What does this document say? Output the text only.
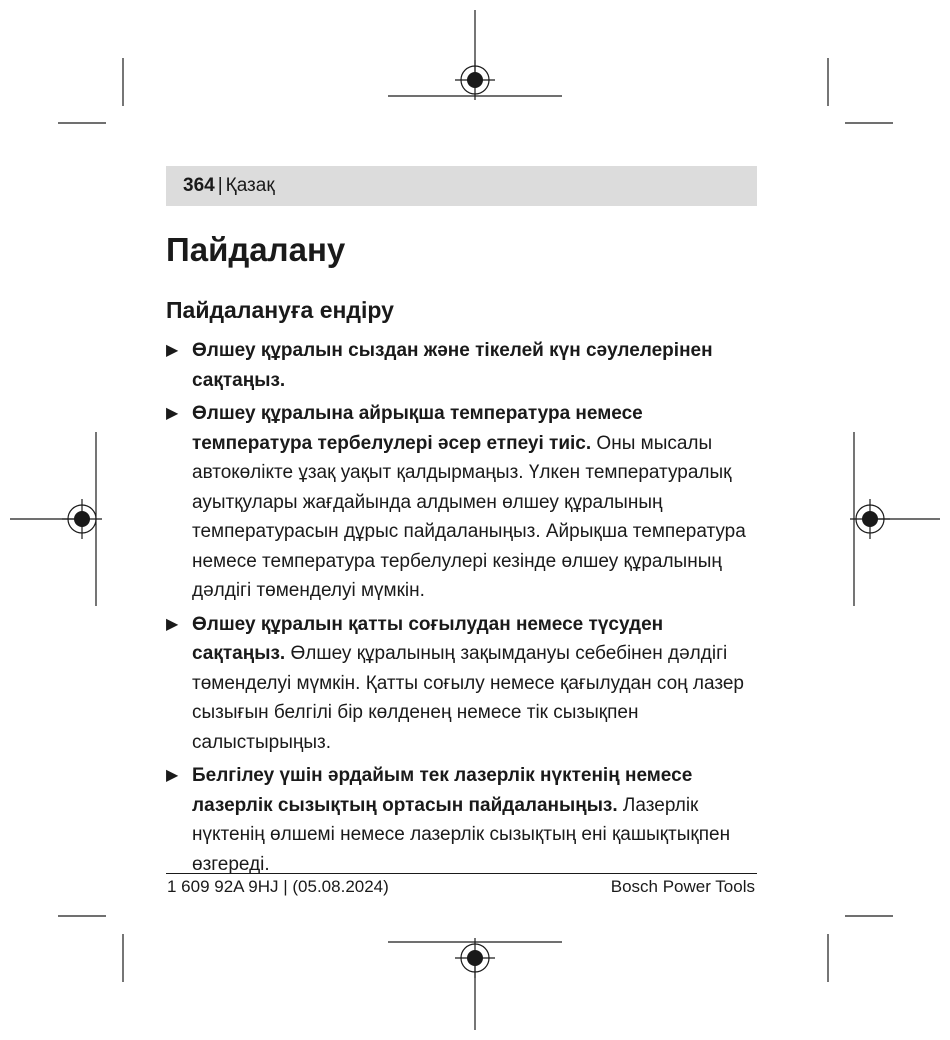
364 | Қазақ
Пайдалану
Пайдалануға ендіру
▶ Өлшеу құралын сыздан және тікелей күн сәулелерінен сақтаңыз.
▶ Өлшеу құралына айрықша температура немесе температура тербелулері әсер етпеуі тиіс. Оны мысалы автокөлікте ұзақ уақыт қалдырмаңыз. Үлкен температуралық ауытқулары жағдайында алдымен өлшеу құралының температурасын дұрыс пайдаланыңыз. Айрықша температура немесе температура тербелулері кезінде өлшеу құралының дәлдігі төменделуі мүмкін.
▶ Өлшеу құралын қатты соғылудан немесе түсуден сақтаңыз. Өлшеу құралының зақымдануы себебінен дәлдігі төменделуі мүмкін. Қатты соғылу немесе қағылудан соң лазер сызығын белгілі бір көлденең немесе тік сызықпен салыстырыңыз.
▶ Белгілеу үшін әрдайым тек лазерлік нүктенің немесе лазерлік сызықтың ортасын пайдаланыңыз. Лазерлік нүктенің өлшемі немесе лазерлік сызықтың ені қашықтықпен өзгереді.
1 609 92A 9HJ | (05.08.2024)	Bosch Power Tools
